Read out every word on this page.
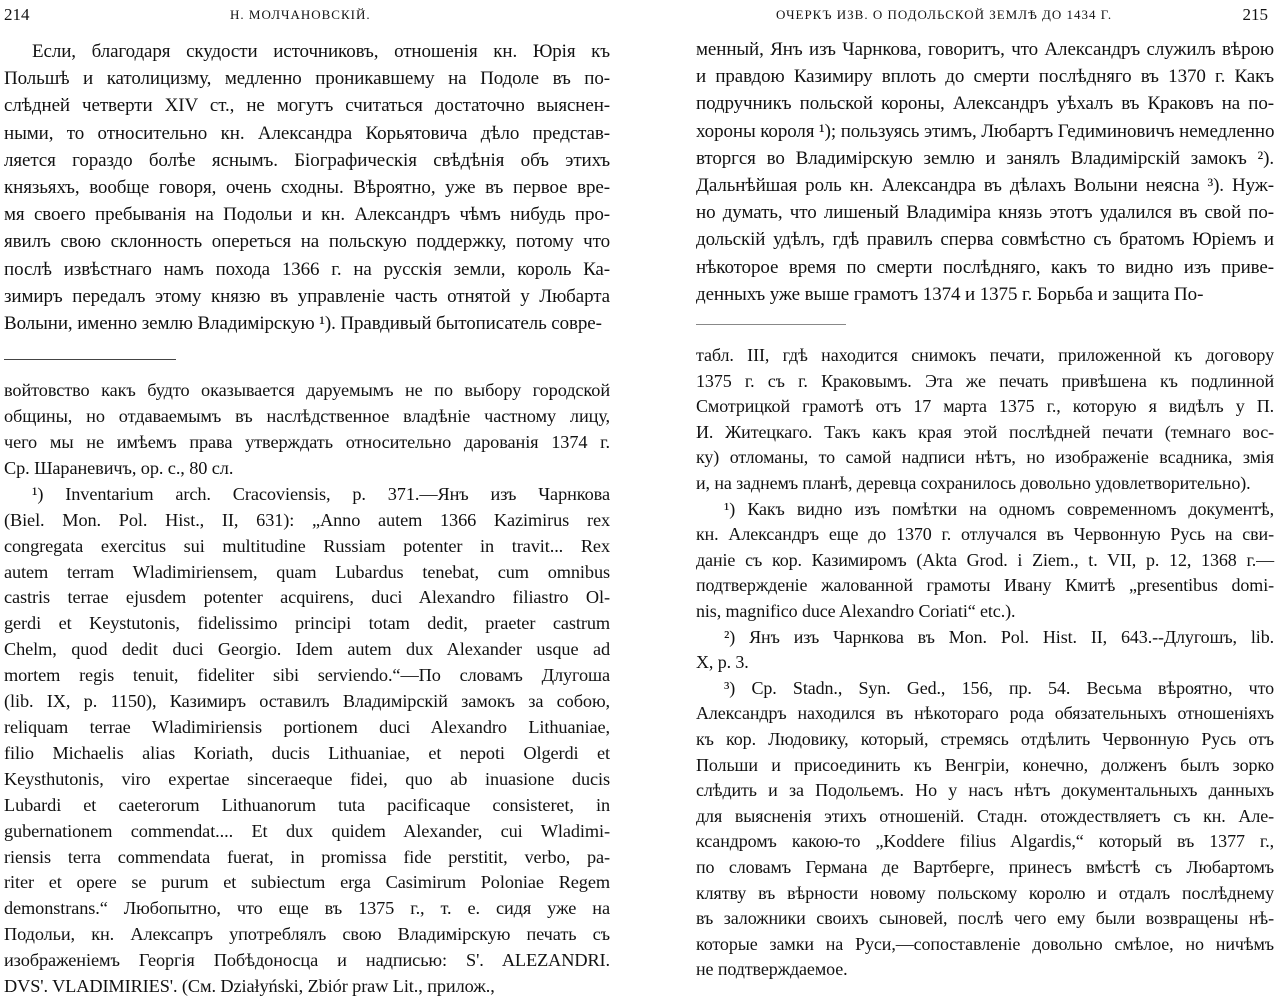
214	Н. МОЛЧАНОВСКІЙ.
Если, благодаря скудости источниковъ, отношенія кн. Юрія къ
Польшѣ и католицизму, медленно проникавшему на Подоле въ по-
слѣдней четверти XIV ст., не могутъ считаться достаточно выяснен-
ными, то относительно кн. Александра Корьятовича дѣло представ-
ляется гораздо болѣе яснымъ. Біографическія свѣдѣнія объ этихъ
князьяхъ, вообще говоря, очень сходны. Вѣроятно, уже въ первое вре-
мя своего пребыванія на Подольи и кн. Александръ чѣмъ нибудь про-
явилъ свою склонность опереться на польскую поддержку, потому что
послѣ извѣстнаго намъ похода 1366 г. на русскія земли, король Ка-
зимиръ передалъ этому князю въ управленіе часть отнятой у Любарта
Волыни, именно землю Владимірскую ¹). Правдивый бытописатель совре-
войтовство какъ будто оказывается даруемымъ не по выбору городской
общины, но отдаваемымъ въ наслѣдственное владѣніе частному лицу,
чего мы не имѣемъ права утверждать относительно дарованія 1374 г.
Ср. Шараневичъ, ор. с., 80 сл.
¹) Inventarium arch. Cracoviensis, p. 371.—Янъ изъ Чарнкова
(Biel. Mon. Pol. Hist., II, 631): „Anno autem 1366 Kazimirus rex
congregata exercitus sui multitudine Russiam potenter in travit... Rex
autem terram Wladimiriensem, quam Lubardus tenebat, cum omnibus
castris terrae ejusdem potenter acquirens, duci Alexandro filiastro Ol-
gerdi et Keystutonis, fidelissimo principi totam dedit, praeter castrum
Chelm, quod dedit duci Georgio. Idem autem dux Alexander usque ad
mortem regis tenuit, fideliter sibi serviendo.“—По словамъ Длугоша
(lib. IX, p. 1150), Казимиръ оставилъ Владимірскій замокъ за собою,
reliquam terrae Wladimiriensis portionem duci Alexandro Lithuaniae,
filio Michaelis alias Koriath, ducis Lithuaniae, et nepoti Olgerdi et
Keysthutonis, viro expertae sinceraeque fidei, quo ab inuasione ducis
Lubardi et caeterorum Lithuanorum tuta pacificaque consisteret, in
gubernationem commendat.... Et dux quidem Alexander, cui Wladimi-
riensis terra commendata fuerat, in promissa fide perstitit, verbo, pa-
riter et opere se purum et subiectum erga Casimirum Poloniae Regem
demonstrans.“ Любопытно, что еще въ 1375 г., т. е. сидя уже на
Подольи, кн. Алексапръ употреблялъ свою Владимірскую печать съ
изображеніемъ Георгія Побѣдоносца и надписью: S'. ALEZANDRI.
DVS'. VLADIMIRIES'. (См. Działyński, Zbiór praw Lit., прилож.,
ОЧЕРКЪ ИЗВ. О ПОДОЛЬСКОЙ ЗЕМЛѢ ДО 1434 Г.	215
менный, Янъ изъ Чарнкова, говоритъ, что Александръ служилъ вѣрою
и правдою Казимиру вплоть до смерти послѣдняго въ 1370 г. Какъ
подручникъ польской короны, Александръ уѣхалъ въ Краковъ на по-
хороны короля ¹); пользуясь этимъ, Любартъ Гедиминовичъ немедленно
вторгся во Владимірскую землю и занялъ Владимірскій замокъ ²).
Дальнѣйшая роль кн. Александра въ дѣлахъ Волыни неясна ³). Нуж-
но думать, что лишеный Владиміра князь этотъ удалился въ свой по-
дольскій удѣлъ, гдѣ правилъ сперва совмѣстно съ братомъ Юріемъ и
нѣкоторое время по смерти послѣдняго, какъ то видно изъ приве-
денныхъ уже выше грамотъ 1374 и 1375 г. Борьба и защита По-
табл. III, гдѣ находится снимокъ печати, приложенной къ договору
1375 г. съ г. Краковымъ. Эта же печать привѣшена къ подлинной
Смотрицкой грамотѣ отъ 17 марта 1375 г., которую я видѣлъ у П.
И. Житецкаго. Такъ какъ края этой послѣдней печати (темнаго вос-
ку) отломаны, то самой надписи нѣтъ, но изображеніе всадника, змія
и, на заднемъ планѣ, деревца сохранилось довольно удовлетворительно).
¹) Какъ видно изъ помѣтки на одномъ современномъ документѣ,
кн. Александръ еще до 1370 г. отлучался въ Червонную Русь на сви-
даніе съ кор. Казимиромъ (Akta Grod. i Ziem., t. VII, p. 12, 1368 г.—
подтвержденіе жалованной грамоты Ивану Кмитѣ „presentibus domi-
nis, magnifico duce Alexandro Coriati“ etc.).
²) Янъ изъ Чарнкова въ Mon. Pol. Hist. II, 643.--Длугошъ, lib.
X, p. 3.
³) Ср. Stadn., Syn. Ged., 156, пр. 54. Весьма вѣроятно, что
Александръ находился въ нѣкотораго рода обязательныхъ отношеніяхъ
къ кор. Людовику, который, стремясь отдѣлить Червонную Русь отъ
Польши и присоединить къ Венгріи, конечно, долженъ былъ зорко
слѣдить и за Подольемъ. Но у насъ нѣтъ документальныхъ данныхъ
для выясненія этихъ отношеній. Стадн. отождествляетъ съ кн. Але-
ксандромъ какою-то „Koddere filius Algardis,“ который въ 1377 г.,
по словамъ Германа де Вартберге, принесъ вмѣстѣ съ Любартомъ
клятву въ вѣрности новому польскому королю и отдалъ послѣднему
въ заложники своихъ сыновей, послѣ чего ему были возвращены нѣ-
которые замки на Руси,—сопоставленіе довольно смѣлое, но ничѣмъ
не подтверждаемое.
